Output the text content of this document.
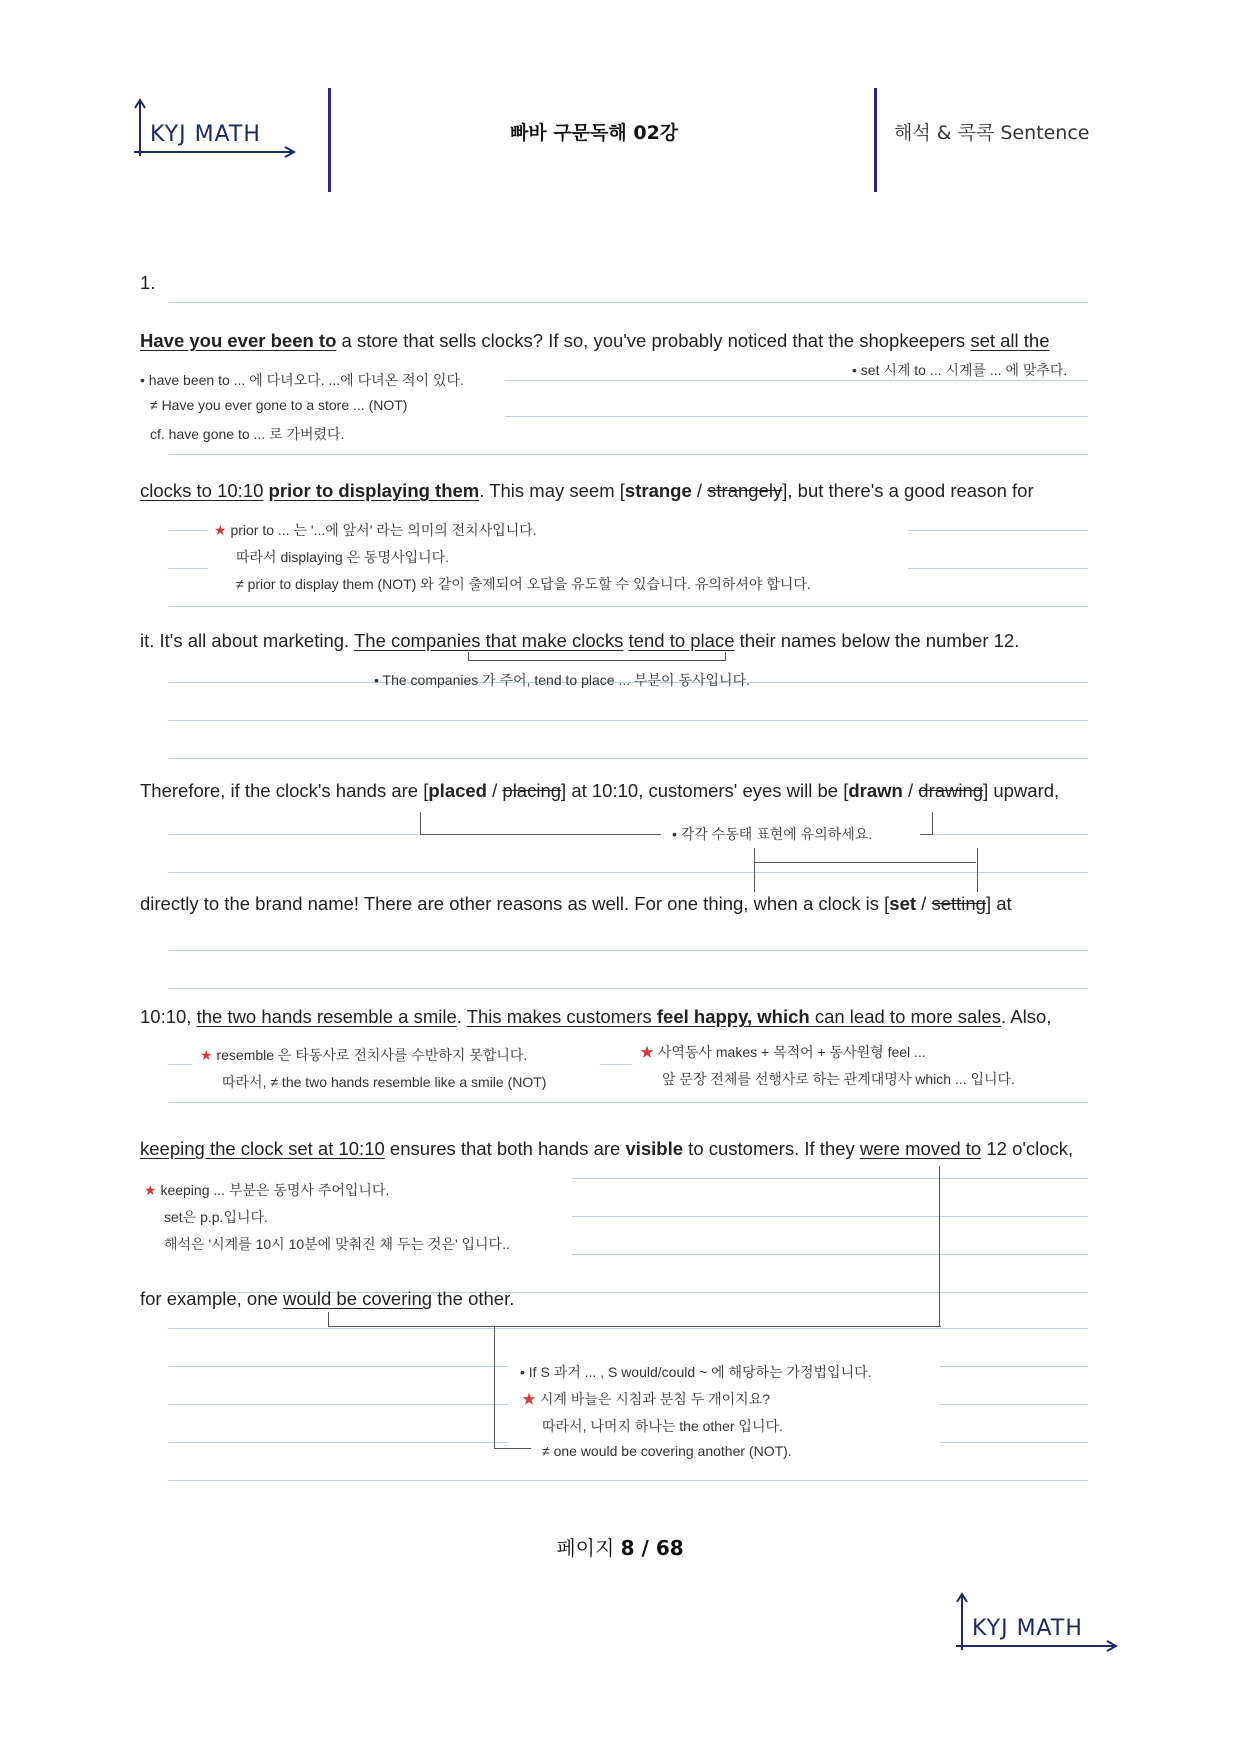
KYJ MATH	빠바 구문독해 02강	해석 & 콕콕 Sentence
1.
Have you ever been to a store that sells clocks? If so, you've probably noticed that the shopkeepers set all the
• have been to ... 에 다녀오다. ...에 다녀온 적이 있다.
≠ Have you ever gone to a store ... (NOT)
cf. have gone to ... 로 가버렸다.
• set 시계 to ... 시계를 ... 에 맞추다.
clocks to 10:10 prior to displaying them. This may seem [strange / strangely], but there's a good reason for
★ prior to ... 는 '...에 앞서' 라는 의미의 전치사입니다.
따라서 displaying 은 동명사입니다.
≠ prior to display them (NOT) 와 같이 출제되어 오답을 유도할 수 있습니다. 유의하셔야 합니다.
it. It's all about marketing. The companies that make clocks tend to place their names below the number 12.
• The companies 가 주어, tend to place ... 부분이 동사입니다.
Therefore, if the clock's hands are [placed / placing] at 10:10, customers' eyes will be [drawn / drawing] upward,
• 각각 수동태 표현에 유의하세요.
directly to the brand name! There are other reasons as well. For one thing, when a clock is [set / setting] at
10:10, the two hands resemble a smile. This makes customers feel happy, which can lead to more sales. Also,
★ resemble 은 타동사로 전치사를 수반하지 못합니다.
따라서, ≠ the two hands resemble like a smile (NOT)
★ 사역동사 makes + 목적어 + 동사원형 feel ...
앞 문장 전체를 선행사로 하는 관계대명사 which ... 입니다.
keeping the clock set at 10:10 ensures that both hands are visible to customers. If they were moved to 12 o'clock,
★ keeping ... 부분은 동명사 주어입니다.
set은 p.p.입니다.
해석은 '시계를 10시 10분에 맞춰진 채 두는 것은' 입니다..
for example, one would be covering the other.
• If S 과거 ... , S would/could ~ 에 해당하는 가정법입니다.
★ 시계 바늘은 시침과 분침 두 개이지요?
따라서, 나머지 하나는 the other 입니다.
≠ one would be covering another (NOT).
페이지 8 / 68
KYJ MATH
